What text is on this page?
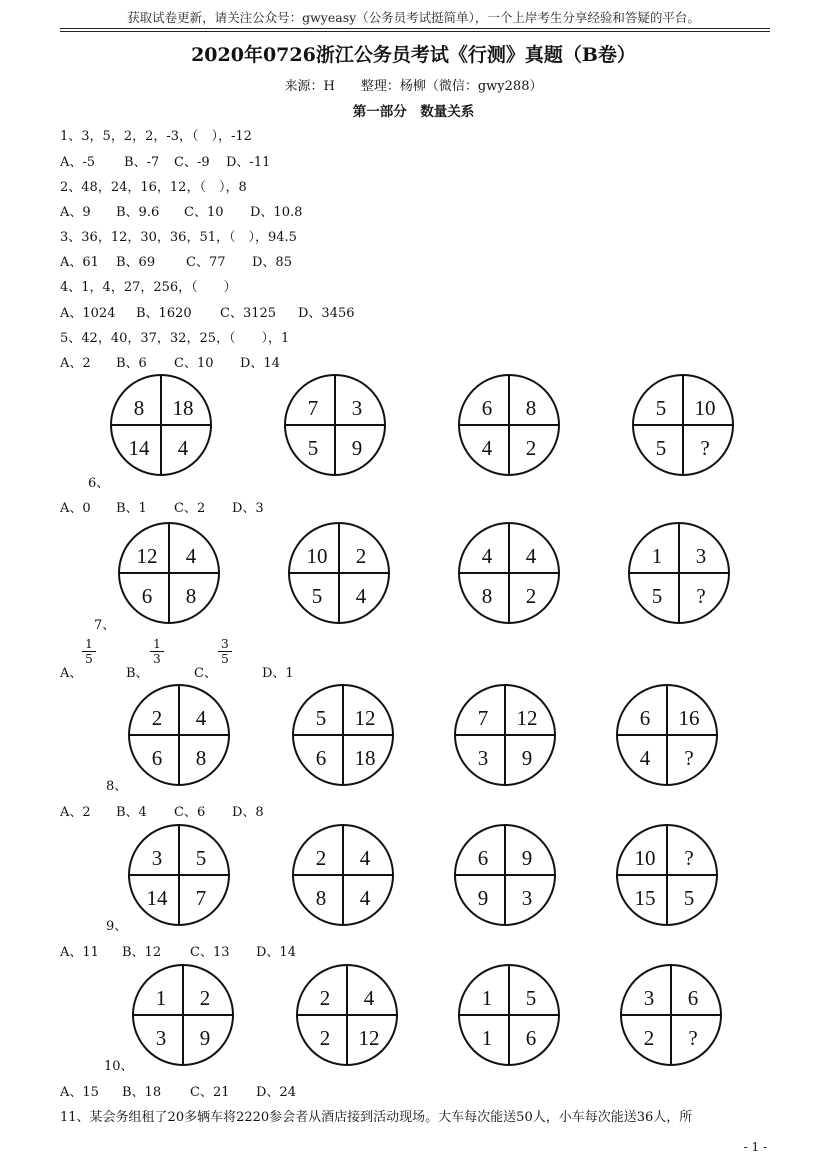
获取试卷更新，请关注公众号：gwyeasy（公务员考试挺简单），一个上岸考生分享经验和答疑的平台。
2020年0726浙江公务员考试《行测》真题（B卷）
来源：H　　整理：杨柳（微信：gwy288）
第一部分　数量关系
1、3，5，2，2，-3，（　），-12
A、-5 B、-7 C、-9 D、-11
2、48，24，16，12，（　），8
A、9 B、9.6 C、10 D、10.8
3、36，12，30，36，51，（　），94.5
A、61 B、69 C、77 D、85
4、1，4，27，256，（　　）
A、1024 B、1620 C、3125 D、3456
5、42，40，37，32，25，（　　），1
A、2 B、6 C、10 D、14
8	18
14	4
7	3
5	9
6	8
4	2
5	10
5	?
6、
A、0 B、1 C、2 D、3
12	4
6	8
10	2
5	4
4	4
8	2
1	3
5	?
7、
A、
1
5
B、
1
3
C、
3
5
D、1
2	4
6	8
5	12
6	18
7	12
3	9
6	16
4	?
8、
A、2 B、4 C、6 D、8
3	5
14	7
2	4
8	4
6	9
9	3
10	?
15	5
9、
A、11 B、12 C、13 D、14
1	2
3	9
2	4
2	12
1	5
1	6
3	6
2	?
10、
A、15 B、18 C、21 D、24
11、某会务组租了20多辆车将2220参会者从酒店接到活动现场。大车每次能送50人，小车每次能送36人，所
- 1 -
